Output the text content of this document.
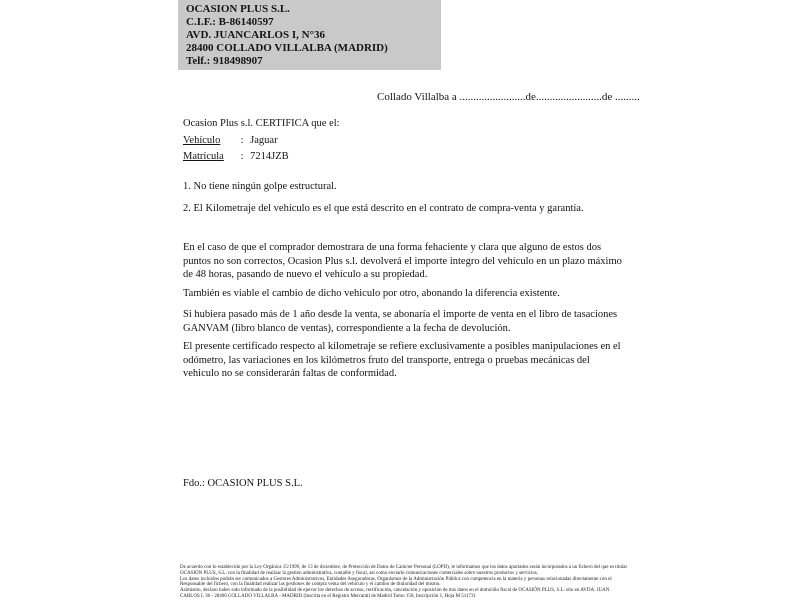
OCASION PLUS S.L.
C.I.F.: B-86140597
AVD. JUANCARLOS I, N°36
28400 COLLADO VILLALBA (MADRID)
Telf.: 918498907
Collado Villalba a ........................de........................de .........
Ocasion Plus s.l. CERTIFICA que el:
Vehículo : Jaguar
Matrícula : 7214JZB
1. No tiene ningún golpe estructural.
2. El Kilometraje del vehículo es el que está descrito en el contrato de compra-venta y garantía.
En el caso de que el comprador demostrara de una forma fehaciente y clara que alguno de estos dos puntos no son correctos, Ocasion Plus s.l. devolverá el importe integro del vehículo en un plazo máximo de 48 horas, pasando de nuevo el vehículo a su propiedad.
También es viable el cambio de dicho vehiculo por otro, abonando la diferencia existente.
Si hubiera pasado más de 1 año desde la venta, se abonaría el importe de venta en el libro de tasaciones GANVAM (libro blanco de ventas), correspondiente a la fecha de devolución.
El presente certificado respecto al kilometraje se refiere exclusivamente a posibles manipulaciones en el odómetro, las variaciones en los kilómetros fruto del transporte, entrega o pruebas mecánicas del vehiculo no se considerarán faltas de conformidad.
Fdo.: OCASION PLUS S.L.
De acuerdo con lo establecido por la Ley Orgánica 15/1999, de 13 de diciembre, de Protección de Datos de Carácter Personal (LOPD), le informamos que los datos aportados serán incorporados a un fichero del que es titular
OCASION PLUS, S.L. con la finalidad de realizar la gestión administrativa, contable y fiscal, así como enviarle comunicaciones comerciales sobre nuestros productos y servicios.
Los datos incluidos podrán ser comunicados a Gestores Administrativos, Entidades Aseguradoras, Organismos de la Administración Pública con competencia en la materia y personas relacionadas directamente con el
Responsable del fichero, con la finalidad realizar las gestiones de compra venta del vehículo y el cambio de titularidad del mismo.
Asimismo, declaro haber sido informado de la posibilidad de ejercer los derechos de acceso, rectificación, cancelación y oposición de mis datos en el domicilio fiscal de OCASIÓN PLUS, S.L. sito en AVDA. JUAN
CARLOS I, 36 - 28400 COLLADO VILLALBA - MADRID (Inscrita en el Registro Mercantil de Madrid Tomo 150, Inscripción 1, Hoja M 511731
